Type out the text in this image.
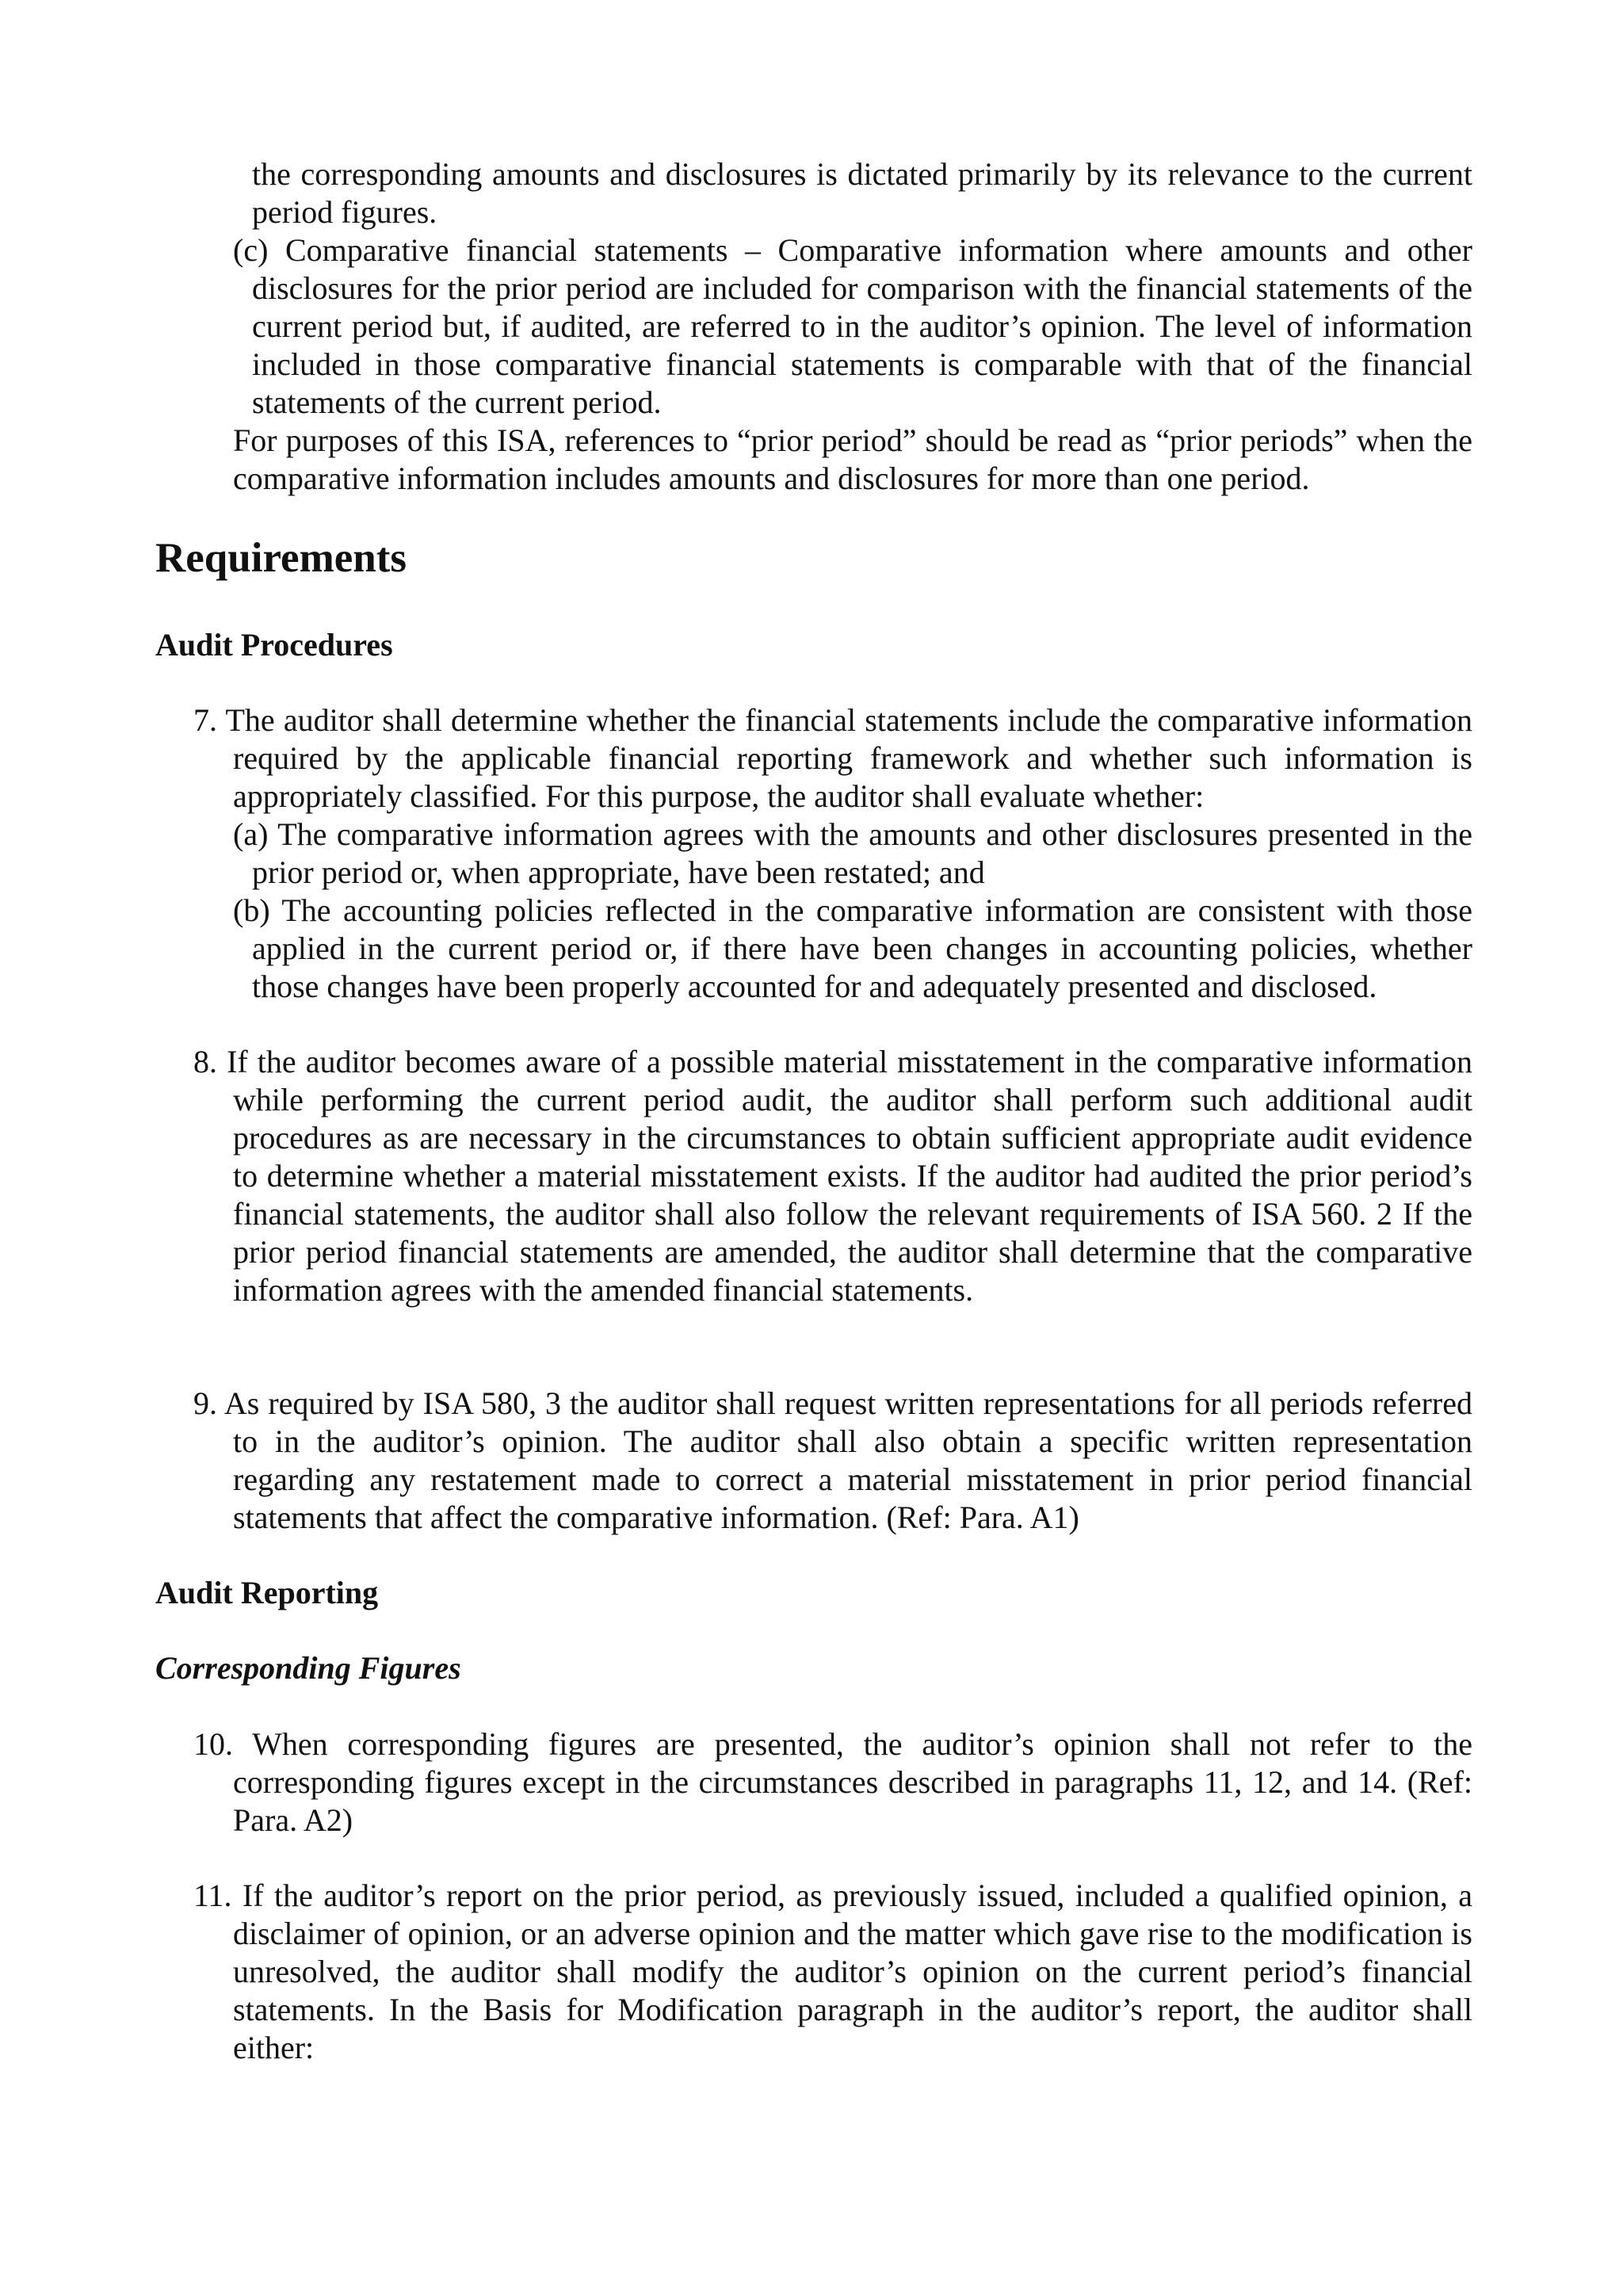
the corresponding amounts and disclosures is dictated primarily by its relevance to the current period figures.

(c) Comparative financial statements – Comparative information where amounts and other disclosures for the prior period are included for comparison with the financial statements of the current period but, if audited, are referred to in the auditor’s opinion. The level of information included in those comparative financial statements is comparable with that of the financial statements of the current period.

For purposes of this ISA, references to “prior period” should be read as “prior periods” when the comparative information includes amounts and disclosures for more than one period.

Requirements
Audit Procedures

7. The auditor shall determine whether the financial statements include the comparative information required by the applicable financial reporting framework and whether such information is appropriately classified. For this purpose, the auditor shall evaluate whether:

(a) The comparative information agrees with the amounts and other disclosures presented in the prior period or, when appropriate, have been restated; and

(b) The accounting policies reflected in the comparative information are consistent with those applied in the current period or, if there have been changes in accounting policies, whether those changes have been properly accounted for and adequately presented and disclosed.

8. If the auditor becomes aware of a possible material misstatement in the comparative information while performing the current period audit, the auditor shall perform such additional audit procedures as are necessary in the circumstances to obtain sufficient appropriate audit evidence to determine whether a material misstatement exists. If the auditor had audited the prior period’s financial statements, the auditor shall also follow the relevant requirements of ISA 560. 2 If the prior period financial statements are amended, the auditor shall determine that the comparative information agrees with the amended financial statements.

9. As required by ISA 580, 3 the auditor shall request written representations for all periods referred to in the auditor’s opinion. The auditor shall also obtain a specific written representation regarding any restatement made to correct a material misstatement in prior period financial statements that affect the comparative information. (Ref: Para. A1)

Audit Reporting
Corresponding Figures

10. When corresponding figures are presented, the auditor’s opinion shall not refer to the corresponding figures except in the circumstances described in paragraphs 11, 12, and 14. (Ref: Para. A2)

11. If the auditor’s report on the prior period, as previously issued, included a qualified opinion, a disclaimer of opinion, or an adverse opinion and the matter which gave rise to the modification is unresolved, the auditor shall modify the auditor’s opinion on the current period’s financial statements. In the Basis for Modification paragraph in the auditor’s report, the auditor shall either:
